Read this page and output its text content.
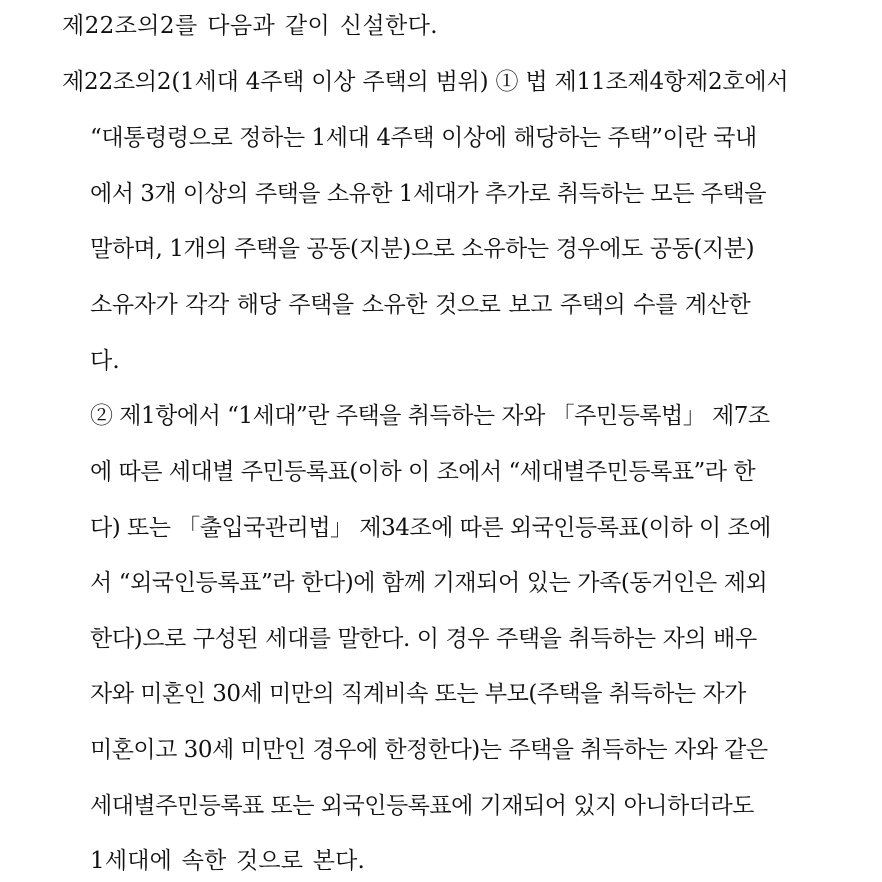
제22조의2를 다음과 같이 신설한다.
제22조의2(1세대 4주택 이상 주택의 범위) ① 법 제11조제4항제2호에서
“대통령령으로 정하는 1세대 4주택 이상에 해당하는 주택”이란 국내
에서 3개 이상의 주택을 소유한 1세대가 추가로 취득하는 모든 주택을
말하며, 1개의 주택을 공동(지분)으로 소유하는 경우에도 공동(지분)
소유자가 각각 해당 주택을 소유한 것으로 보고 주택의 수를 계산한
다.
② 제1항에서 “1세대”란 주택을 취득하는 자와 「주민등록법」 제7조
에 따른 세대별 주민등록표(이하 이 조에서 “세대별주민등록표”라 한
다) 또는 「출입국관리법」 제34조에 따른 외국인등록표(이하 이 조에
서 “외국인등록표”라 한다)에 함께 기재되어 있는 가족(동거인은 제외
한다)으로 구성된 세대를 말한다. 이 경우 주택을 취득하는 자의 배우
자와 미혼인 30세 미만의 직계비속 또는 부모(주택을 취득하는 자가
미혼이고 30세 미만인 경우에 한정한다)는 주택을 취득하는 자와 같은
세대별주민등록표 또는 외국인등록표에 기재되어 있지 아니하더라도
1세대에 속한 것으로 본다.
